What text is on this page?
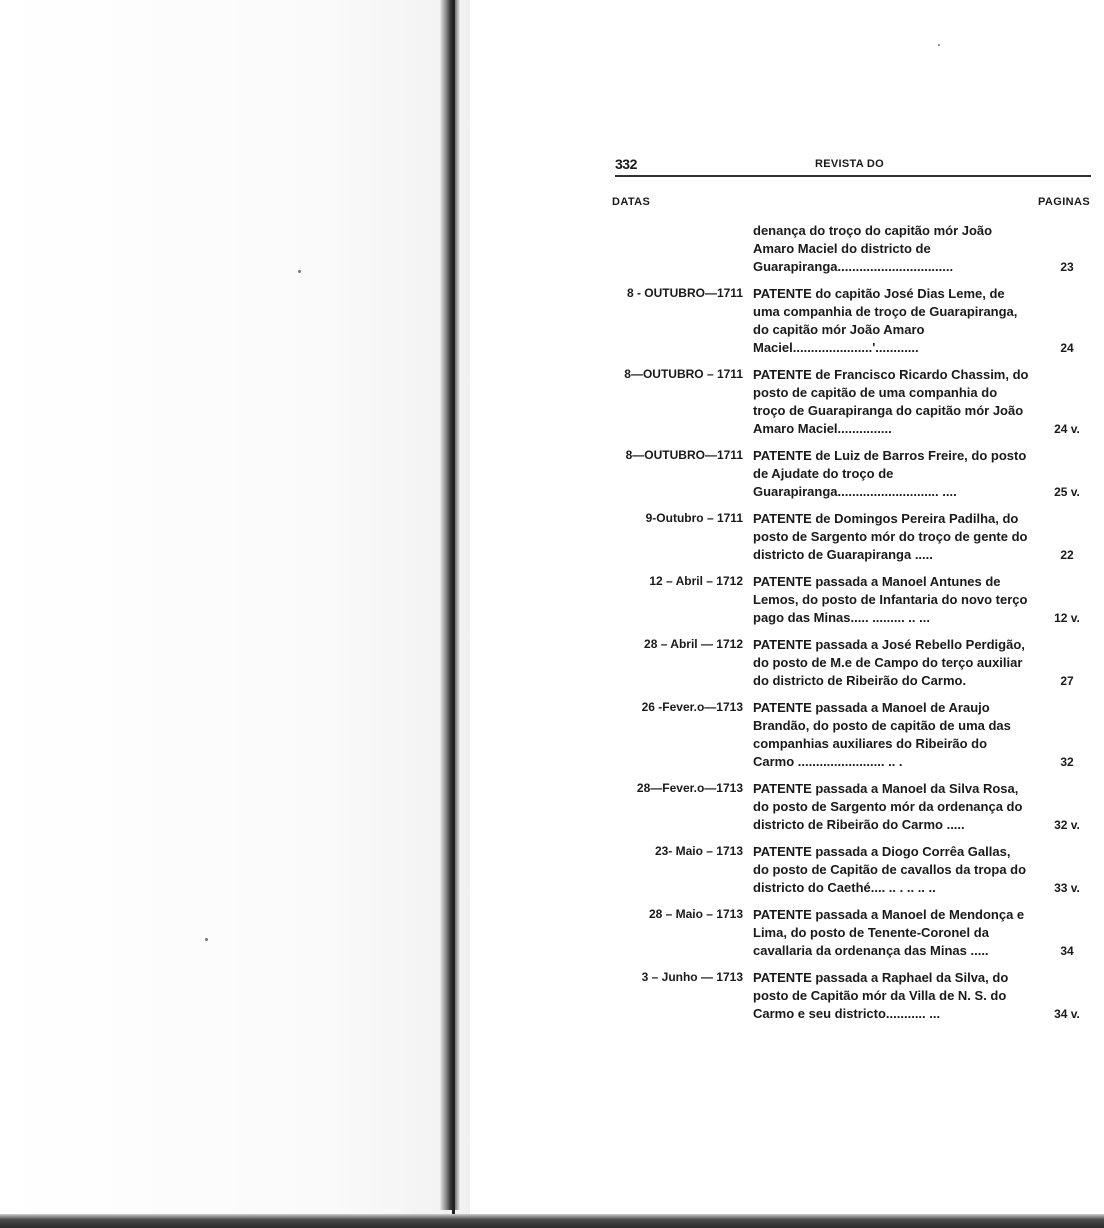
332	REVISTA DO
DATAS	PAGINAS
denança do troço do capitão mór João Amaro Maciel do districto de Guarapiranga................................	23
8 - OUTUBRO—1711 PATENTE do capitão José Dias Leme, de uma companhia de troço de Guarapiranga, do capitão mór João Amaro Maciel......................'............	24
8—OUTUBRO – 1711 PATENTE de Francisco Ricardo Chassim, do posto de capitão de uma companhia do troço de Guarapiranga do capitão mór João Amaro Maciel...............	24 v.
8—OUTUBRO—1711 PATENTE de Luiz de Barros Freire, do posto de Ajudate do troço de Guarapiranga............................ ....	25 v.
9-Outubro – 1711 PATENTE de Domingos Pereira Padilha, do posto de Sargento mór do troço de gente do districto de Guarapiranga .....	22
12 – Abril – 1712 PATENTE passada a Manoel Antunes de Lemos, do posto de Infantaria do novo terço pago das Minas..... ......... .. ...	12 v.
28 – Abril — 1712 PATENTE passada a José Rebello Perdigão, do posto de M.e de Campo do terço auxiliar do districto de Ribeirão do Carmo.	27
26 -Fever.o—1713 PATENTE passada a Manoel de Araujo Brandão, do posto de capitão de uma das companhias auxiliares do Ribeirão do Carmo ........................ .. .	32
28—Fever.o—1713 PATENTE passada a Manoel da Silva Rosa, do posto de Sargento mór da ordenança do districto de Ribeirão do Carmo .....	32 v.
23- Maio – 1713 PATENTE passada a Diogo Corrêa Gallas, do posto de Capitão de cavallos da tropa do districto do Caethé.... .. . .. .. ..	33 v.
28 – Maio – 1713 PATENTE passada a Manoel de Mendonça e Lima, do posto de Tenente-Coronel da cavallaria da ordenança das Minas .....	34
3 – Junho — 1713 PATENTE passada a Raphael da Silva, do posto de Capitão mór da Villa de N. S. do Carmo e seu districto........... ...	34 v.
